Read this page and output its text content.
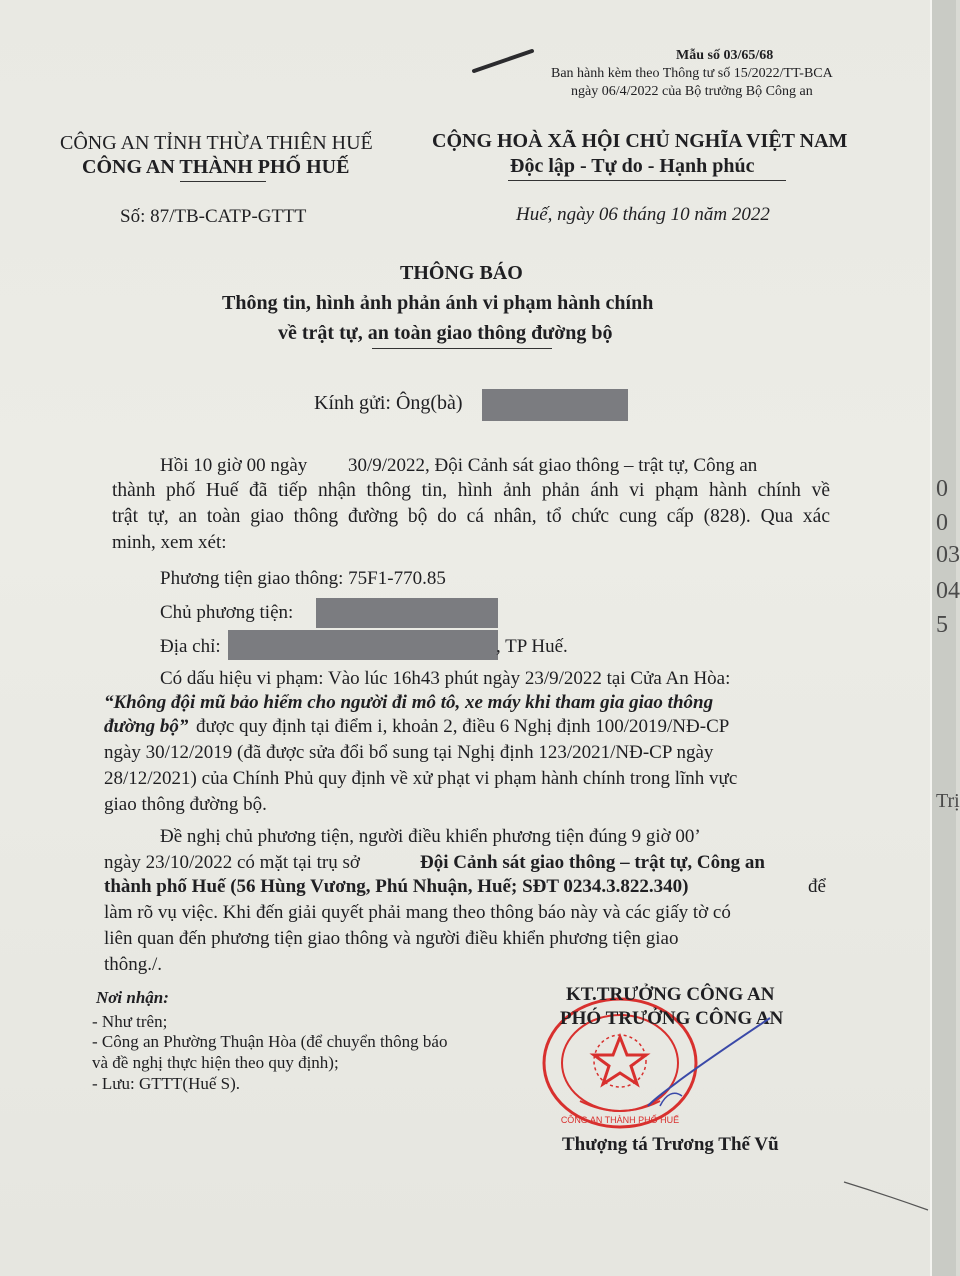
0
0
03
04
5
Trị
Mẫu số 03/65/68
Ban hành kèm theo Thông tư số 15/2022/TT-BCA
ngày 06/4/2022 của Bộ trưởng Bộ Công an
CÔNG AN TỈNH THỪA THIÊN HUẾ
CÔNG AN THÀNH PHỐ HUẾ
Số: 87/TB-CATP-GTTT
CỘNG HOÀ XÃ HỘI CHỦ NGHĨA VIỆT NAM
Độc lập - Tự do - Hạnh phúc
Huế, ngày 06 tháng 10 năm 2022
THÔNG BÁO
Thông tin, hình ảnh phản ánh vi phạm hành chính
về trật tự, an toàn giao thông đường bộ
Kính gửi: Ông(bà)
Hồi 10 giờ 00 ngày 30/9/2022, Đội Cảnh sát giao thông – trật tự, Công an
thành phố Huế đã tiếp nhận thông tin, hình ảnh phản ánh vi phạm hành chính về
trật tự, an toàn giao thông đường bộ do cá nhân, tổ chức cung cấp (828). Qua xác
minh, xem xét:
Phương tiện giao thông: 75F1-770.85
Chủ phương tiện:
Địa chỉ:	, TP Huế.
Có dấu hiệu vi phạm: Vào lúc 16h43 phút ngày 23/9/2022 tại Cửa An Hòa:
“Không đội mũ bảo hiểm cho người đi mô tô, xe máy khi tham gia giao thông
đường bộ” được quy định tại điểm i, khoản 2, điều 6 Nghị định 100/2019/NĐ-CP
ngày 30/12/2019 (đã được sửa đổi bổ sung tại Nghị định 123/2021/NĐ-CP ngày
28/12/2021) của Chính Phủ quy định về xử phạt vi phạm hành chính trong lĩnh vực
giao thông đường bộ.
Đề nghị chủ phương tiện, người điều khiển phương tiện đúng 9 giờ 00’
ngày 23/10/2022 có mặt tại trụ sở	Đội Cảnh sát giao thông – trật tự, Công an
thành phố Huế (56 Hùng Vương, Phú Nhuận, Huế; SĐT 0234.3.822.340)	để
làm rõ vụ việc. Khi đến giải quyết phải mang theo thông báo này và các giấy tờ có
liên quan đến phương tiện giao thông và người điều khiển phương tiện giao
thông./.
Nơi nhận:
- Như trên;
- Công an Phường Thuận Hòa (để chuyển thông báo
và đề nghị thực hiện theo quy định);
- Lưu: GTTT(Huế S).
CÔNG AN THÀNH PHỐ HUẾ
KT.TRƯỞNG CÔNG AN
PHÓ TRƯỞNG CÔNG AN
Thượng tá Trương Thế Vũ
